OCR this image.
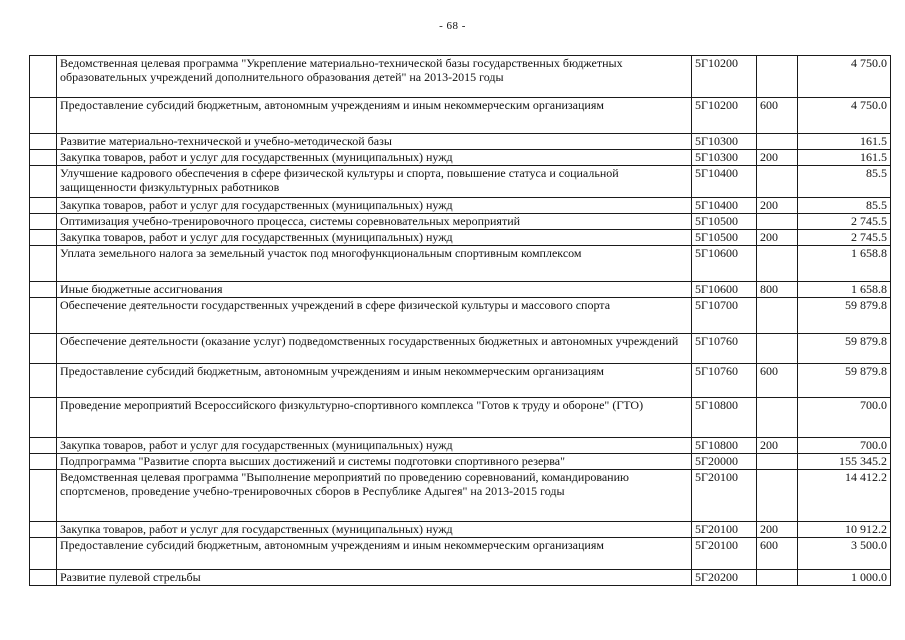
- 68 -
	Ведомственная целевая программа "Укрепление материально-технической базы государственных бюджетных образовательных учреждений дополнительного образования детей" на 2013-2015 годы	5Г10200		4 750.0
	Предоставление субсидий бюджетным, автономным учреждениям и иным некоммерческим организациям	5Г10200	600	4 750.0
	Развитие материально-технической и учебно-методической базы	5Г10300		161.5
	Закупка товаров, работ и услуг для государственных (муниципальных) нужд	5Г10300	200	161.5
	Улучшение кадрового обеспечения в сфере физической культуры и спорта, повышение статуса и социальной защищенности физкультурных работников	5Г10400		85.5
	Закупка товаров, работ и услуг для государственных (муниципальных) нужд	5Г10400	200	85.5
	Оптимизация учебно-тренировочного процесса, системы соревновательных мероприятий	5Г10500		2 745.5
	Закупка товаров, работ и услуг для государственных (муниципальных) нужд	5Г10500	200	2 745.5
	Уплата земельного налога за земельный участок под многофункциональным спортивным комплексом	5Г10600		1 658.8
	Иные бюджетные ассигнования	5Г10600	800	1 658.8
	Обеспечение деятельности государственных учреждений в сфере физической культуры и массового спорта	5Г10700		59 879.8
	Обеспечение деятельности (оказание услуг) подведомственных государственных бюджетных и автономных учреждений	5Г10760		59 879.8
	Предоставление субсидий бюджетным, автономным учреждениям и иным некоммерческим организациям	5Г10760	600	59 879.8
	Проведение мероприятий Всероссийского физкультурно-спортивного комплекса "Готов к труду и обороне" (ГТО)	5Г10800		700.0
	Закупка товаров, работ и услуг для государственных (муниципальных) нужд	5Г10800	200	700.0
	Подпрограмма "Развитие спорта высших достижений и системы подготовки спортивного резерва"	5Г20000		155 345.2
	Ведомственная целевая программа "Выполнение мероприятий по проведению соревнований, командированию спортсменов, проведение учебно-тренировочных сборов в Республике Адыгея" на 2013-2015 годы	5Г20100		14 412.2
	Закупка товаров, работ и услуг для государственных (муниципальных) нужд	5Г20100	200	10 912.2
	Предоставление субсидий бюджетным, автономным учреждениям и иным некоммерческим организациям	5Г20100	600	3 500.0
	Развитие пулевой стрельбы	5Г20200		1 000.0
